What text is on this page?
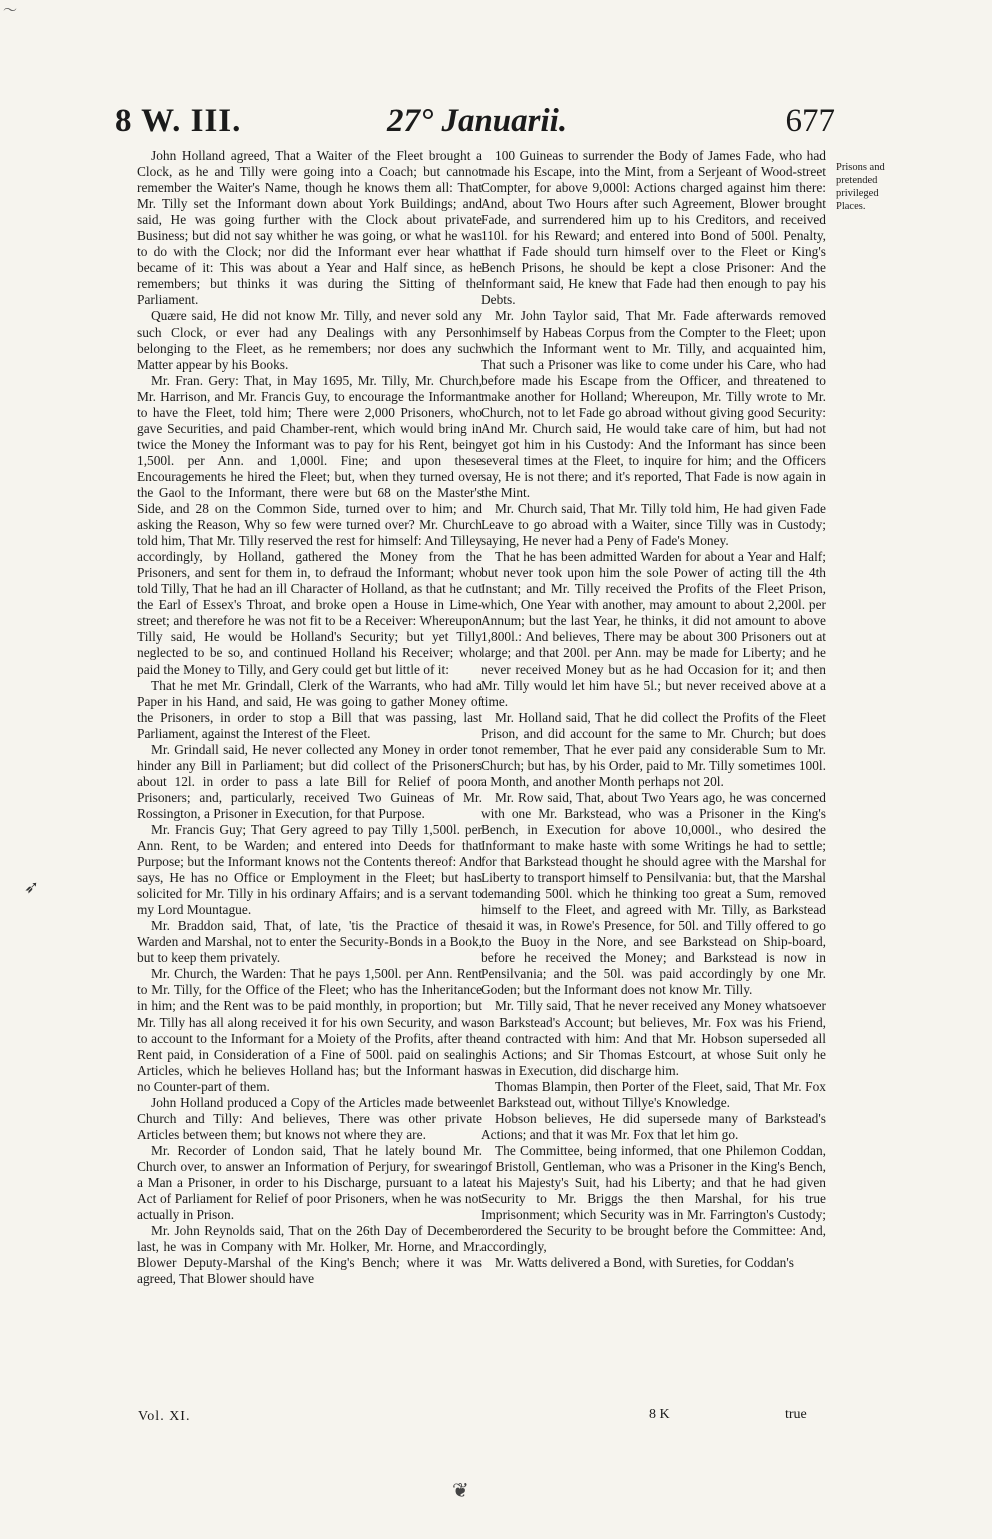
〜
8 W. III.	27° Januarii.	677
Prisons and pretended privileged Places.
➶

John Holland agreed, That a Waiter of the Fleet brought a Clock, as he and Tilly were going into a Coach; but cannot remember the Waiter's Name, though he knows them all: That Mr. Tilly set the Informant down about York Buildings; and said, He was going further with the Clock about private Business; but did not say whither he was going, or what he was to do with the Clock; nor did the Informant ever hear what became of it: This was about a Year and Half since, as he remembers; but thinks it was during the Sitting of the Parliament.

Quære said, He did not know Mr. Tilly, and never sold any such Clock, or ever had any Dealings with any Person belonging to the Fleet, as he remembers; nor does any such Matter appear by his Books.

Mr. Fran. Gery: That, in May 1695, Mr. Tilly, Mr. Church, Mr. Harrison, and Mr. Francis Guy, to encourage the Informant to have the Fleet, told him; There were 2,000 Prisoners, who gave Securities, and paid Chamber-rent, which would bring in twice the Money the Informant was to pay for his Rent, being 1,500l. per Ann. and 1,000l. Fine; and upon these Encouragements he hired the Fleet; but, when they turned over the Gaol to the Informant, there were but 68 on the Master's Side, and 28 on the Common Side, turned over to him; and asking the Reason, Why so few were turned over? Mr. Church told him, That Mr. Tilly reserved the rest for himself: And Tilley accordingly, by Holland, gathered the Money from the Prisoners, and sent for them in, to defraud the Informant; who told Tilly, That he had an ill Character of Holland, as that he cut the Earl of Essex's Throat, and broke open a House in Lime-street; and therefore he was not fit to be a Receiver: Whereupon Tilly said, He would be Holland's Security; but yet Tilly neglected to be so, and continued Holland his Receiver; who paid the Money to Tilly, and Gery could get but little of it:

That he met Mr. Grindall, Clerk of the Warrants, who had a Paper in his Hand, and said, He was going to gather Money of the Prisoners, in order to stop a Bill that was passing, last Parliament, against the Interest of the Fleet.

Mr. Grindall said, He never collected any Money in order to hinder any Bill in Parliament; but did collect of the Prisoners about 12l. in order to pass a late Bill for Relief of poor Prisoners; and, particularly, received Two Guineas of Mr. Rossington, a Prisoner in Execution, for that Purpose.

Mr. Francis Guy; That Gery agreed to pay Tilly 1,500l. per Ann. Rent, to be Warden; and entered into Deeds for that Purpose; but the Informant knows not the Contents thereof: And says, He has no Office or Employment in the Fleet; but has solicited for Mr. Tilly in his ordinary Affairs; and is a servant to my Lord Mountague.

Mr. Braddon said, That, of late, 'tis the Practice of the Warden and Marshal, not to enter the Security-Bonds in a Book, but to keep them privately.

Mr. Church, the Warden: That he pays 1,500l. per Ann. Rent to Mr. Tilly, for the Office of the Fleet; who has the Inheritance in him; and the Rent was to be paid monthly, in proportion; but Mr. Tilly has all along received it for his own Security, and was to account to the Informant for a Moiety of the Profits, after the Rent paid, in Consideration of a Fine of 500l. paid on sealing Articles, which he believes Holland has; but the Informant has no Counter-part of them.

John Holland produced a Copy of the Articles made between Church and Tilly: And believes, There was other private Articles between them; but knows not where they are.

Mr. Recorder of London said, That he lately bound Mr. Church over, to answer an Information of Perjury, for swearing a Man a Prisoner, in order to his Discharge, pursuant to a late Act of Parliament for Relief of poor Prisoners, when he was not actually in Prison.

Mr. John Reynolds said, That on the 26th Day of December last, he was in Company with Mr. Holker, Mr. Horne, and Mr. Blower Deputy-Marshal of the King's Bench; where it was agreed, That Blower should have

100 Guineas to surrender the Body of James Fade, who had made his Escape, into the Mint, from a Serjeant of Wood-street Compter, for above 9,000l: Actions charged against him there: And, about Two Hours after such Agreement, Blower brought Fade, and surrendered him up to his Creditors, and received 110l. for his Reward; and entered into Bond of 500l. Penalty, that if Fade should turn himself over to the Fleet or King's Bench Prisons, he should be kept a close Prisoner: And the Informant said, He knew that Fade had then enough to pay his Debts.

Mr. John Taylor said, That Mr. Fade afterwards removed himself by Habeas Corpus from the Compter to the Fleet; upon which the Informant went to Mr. Tilly, and acquainted him, That such a Prisoner was like to come under his Care, who had before made his Escape from the Officer, and threatened to make another for Holland; Whereupon, Mr. Tilly wrote to Mr. Church, not to let Fade go abroad without giving good Security: And Mr. Church said, He would take care of him, but had not yet got him in his Custody: And the Informant has since been several times at the Fleet, to inquire for him; and the Officers say, He is not there; and it's reported, That Fade is now again in the Mint.

Mr. Church said, That Mr. Tilly told him, He had given Fade Leave to go abroad with a Waiter, since Tilly was in Custody; saying, He never had a Peny of Fade's Money.

That he has been admitted Warden for about a Year and Half; but never took upon him the sole Power of acting till the 4th Instant; and Mr. Tilly received the Profits of the Fleet Prison, which, One Year with another, may amount to about 2,200l. per Annum; but the last Year, he thinks, it did not amount to above 1,800l.: And believes, There may be about 300 Prisoners out at large; and that 200l. per Ann. may be made for Liberty; and he never received Money but as he had Occasion for it; and then Mr. Tilly would let him have 5l.; but never received above at a time.

Mr. Holland said, That he did collect the Profits of the Fleet Prison, and did account for the same to Mr. Church; but does not remember, That he ever paid any considerable Sum to Mr. Church; but has, by his Order, paid to Mr. Tilly sometimes 100l. a Month, and another Month perhaps not 20l.

Mr. Row said, That, about Two Years ago, he was concerned with one Mr. Barkstead, who was a Prisoner in the King's Bench, in Execution for above 10,000l., who desired the Informant to make haste with some Writings he had to settle; for that Barkstead thought he should agree with the Marshal for Liberty to transport himself to Pensilvania: but, that the Marshal demanding 500l. which he thinking too great a Sum, removed himself to the Fleet, and agreed with Mr. Tilly, as Barkstead said it was, in Rowe's Presence, for 50l. and Tilly offered to go to the Buoy in the Nore, and see Barkstead on Ship-board, before he received the Money; and Barkstead is now in Pensilvania; and the 50l. was paid accordingly by one Mr. Goden; but the Informant does not know Mr. Tilly.

Mr. Tilly said, That he never received any Money whatsoever on Barkstead's Account; but believes, Mr. Fox was his Friend, and contracted with him: And that Mr. Hobson superseded all his Actions; and Sir Thomas Estcourt, at whose Suit only he was in Execution, did discharge him.

Thomas Blampin, then Porter of the Fleet, said, That Mr. Fox let Barkstead out, without Tillye's Knowledge.

Hobson believes, He did supersede many of Barkstead's Actions; and that it was Mr. Fox that let him go.

The Committee, being informed, that one Philemon Coddan, of Bristoll, Gentleman, who was a Prisoner in the King's Bench, at his Majesty's Suit, had his Liberty; and that he had given Security to Mr. Briggs the then Marshal, for his true Imprisonment; which Security was in Mr. Farrington's Custody; ordered the Security to be brought before the Committee: And, accordingly,

Mr. Watts delivered a Bond, with Sureties, for Coddan's

Vol. XI.	8 K	true
❦
